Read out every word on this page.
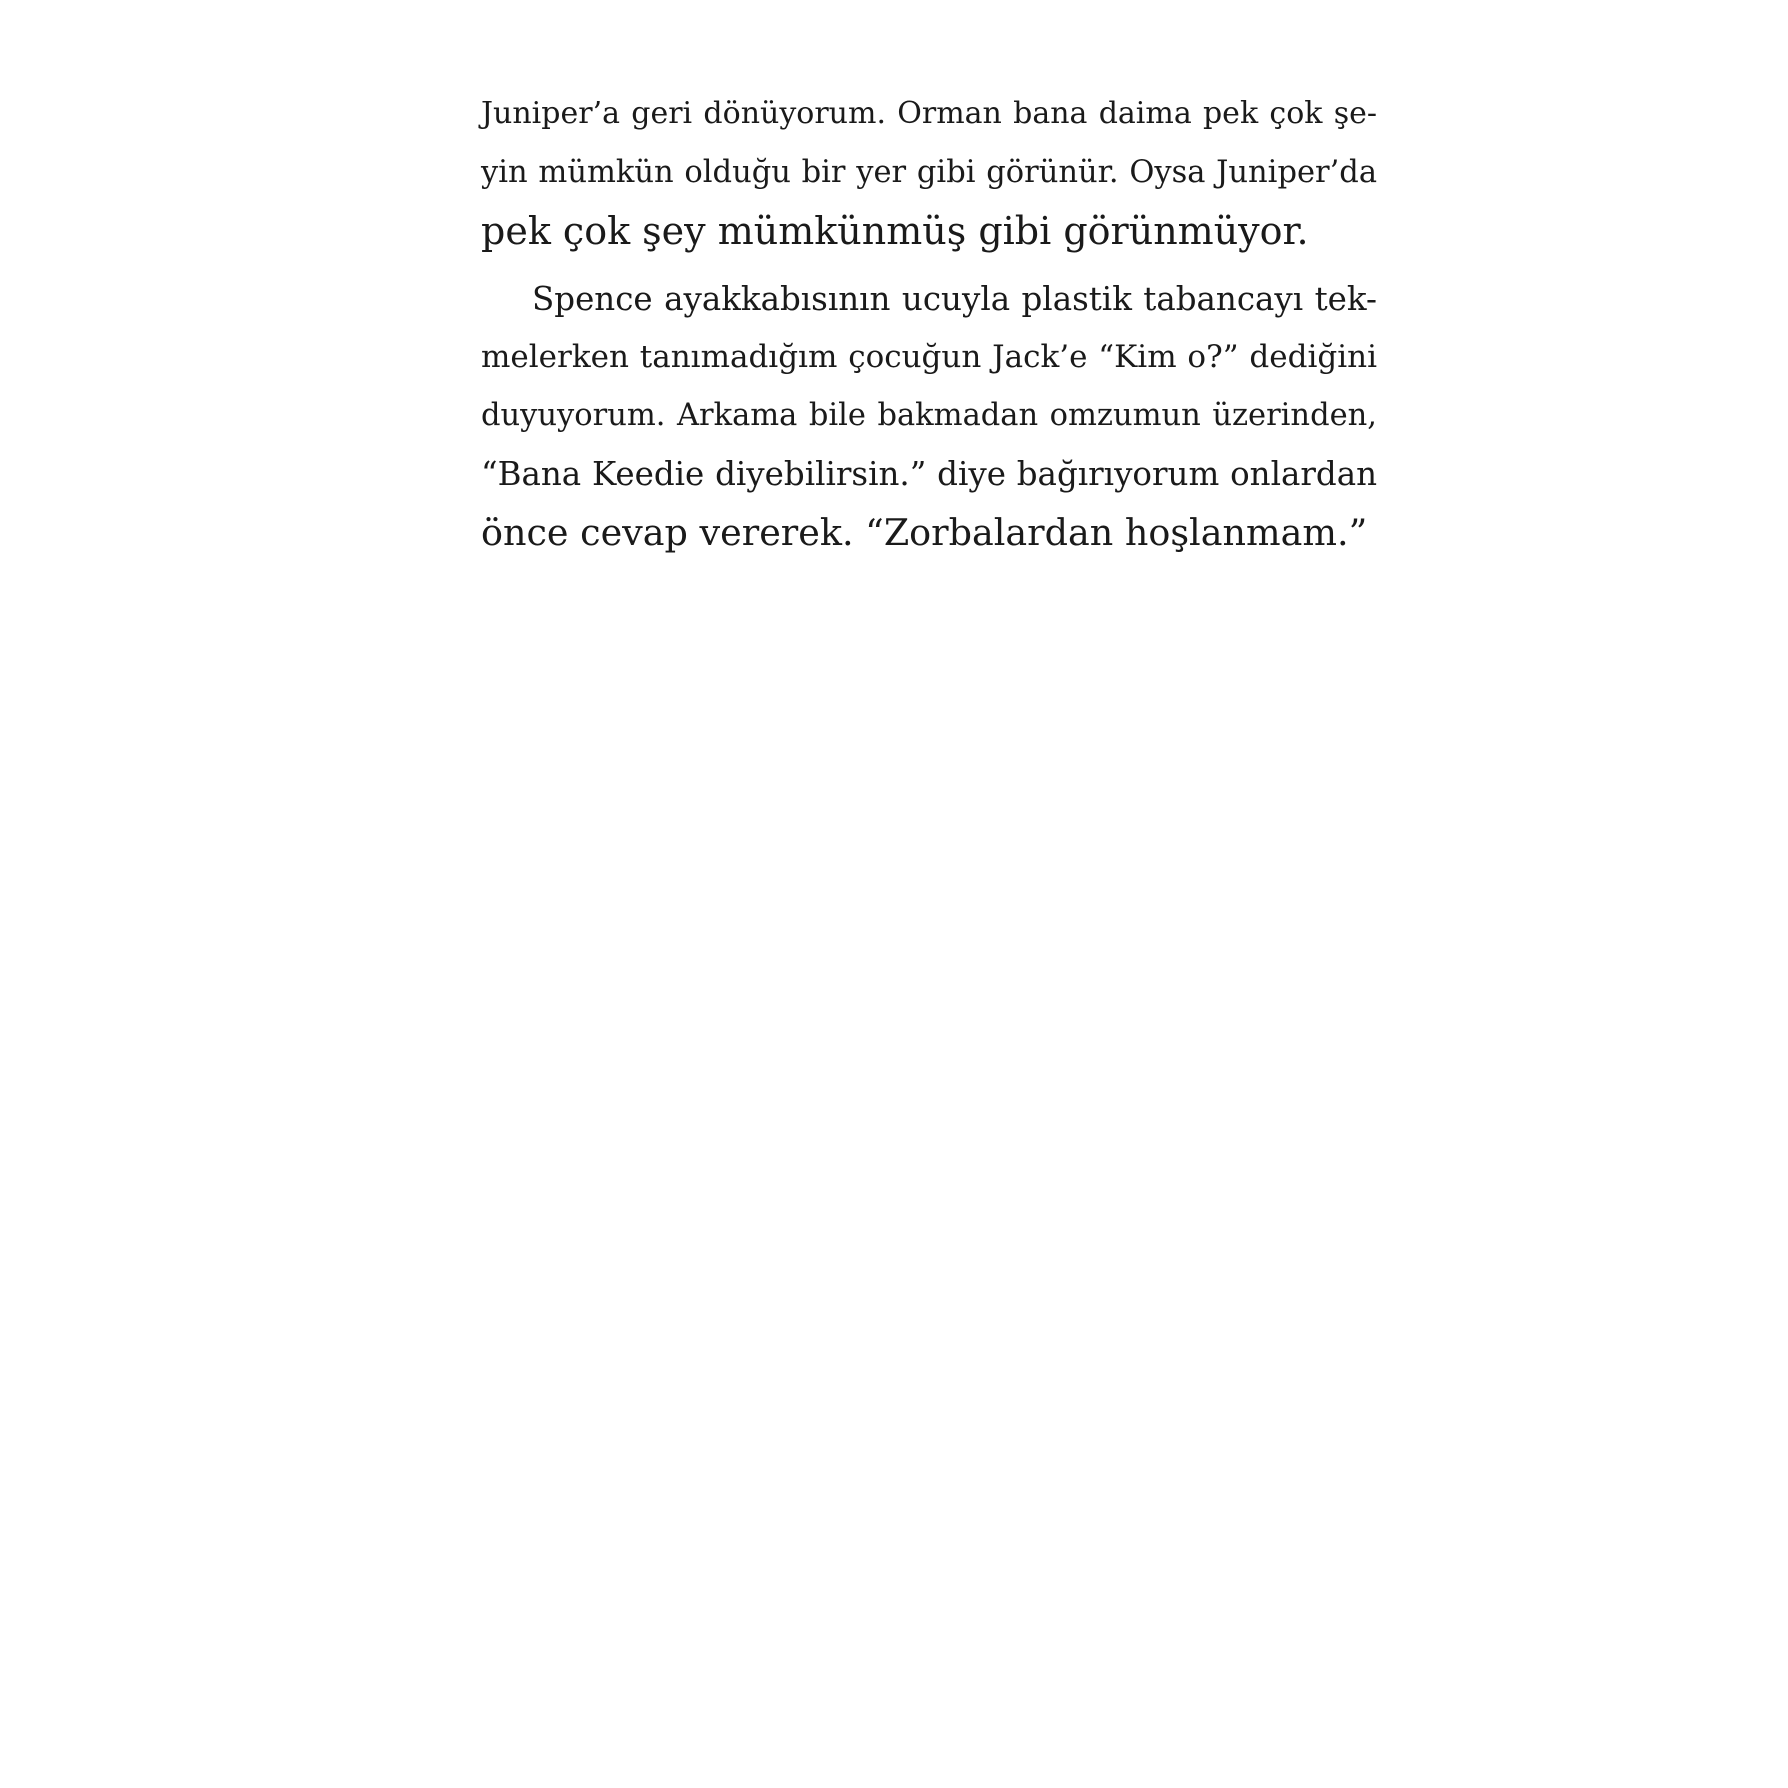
Juniper’a geri dönüyorum. Orman bana daima pek çok şe-
yin mümkün olduğu bir yer gibi görünür. Oysa Juniper’da
pek çok şey mümkünmüş gibi görünmüyor.
Spence ayakkabısının ucuyla plastik tabancayı tek-
melerken tanımadığım çocuğun Jack’e “Kim o?” dediğini
duyuyorum. Arkama bile bakmadan omzumun üzerinden,
“Bana Keedie diyebilirsin.” diye bağırıyorum onlardan
önce cevap vererek. “Zorbalardan hoşlanmam.”
